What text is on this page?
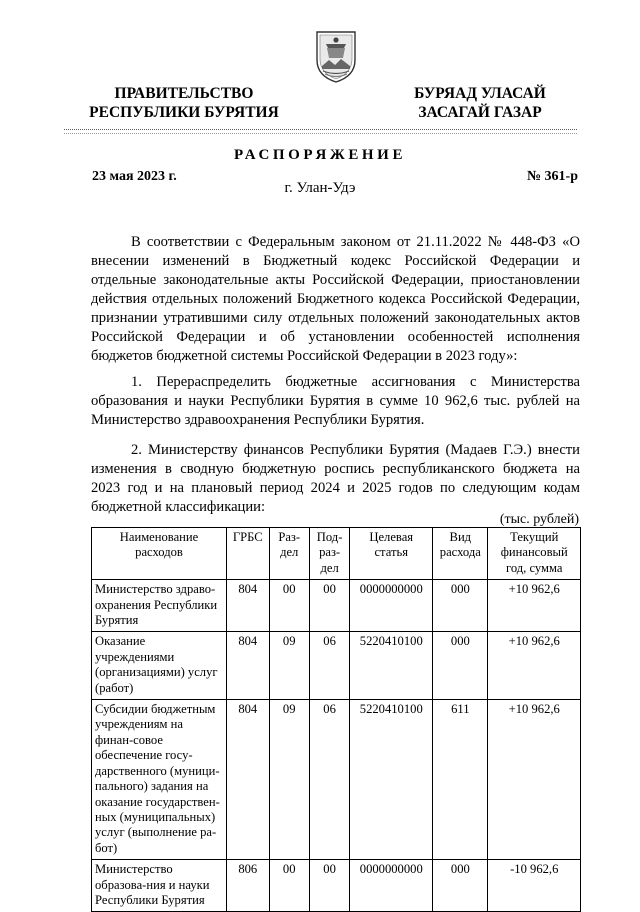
ПРАВИТЕЛЬСТВО
РЕСПУБЛИКИ БУРЯТИЯ
БУРЯАД УЛАСАЙ
ЗАСАГАЙ ГАЗАР
РАСПОРЯЖЕНИЕ
23 мая 2023 г.	№ 361-р
г. Улан-Удэ

В соответствии с Федеральным законом от 21.11.2022 № 448-ФЗ «О внесении изменений в Бюджетный кодекс Российской Федерации и отдельные законодательные акты Российской Федерации, приостановлении действия отдельных положений Бюджетного кодекса Российской Федерации, признании утратившими силу отдельных положений законодательных актов Российской Федерации и об установлении особенностей исполнения бюджетов бюджетной системы Российской Федерации в 2023 году»:

1. Перераспределить бюджетные ассигнования с Министерства образования и науки Республики Бурятия в сумме 10 962,6 тыс. рублей на Министерство здравоохранения Республики Бурятия.

2. Министерству финансов Республики Бурятия (Мадаев Г.Э.) внести изменения в сводную бюджетную роспись республиканского бюджета на 2023 год и на плановый период 2024 и 2025 годов по следующим кодам бюджетной классификации:

(тыс. рублей)
Наименование расходов	ГРБС	Раз-дел	Под-раз-дел	Целевая статья	Вид расхода	Текущий финансовый год, сумма
Министерство здраво-охранения Республики Бурятия	804	00	00	0000000000	000	+10 962,6
Оказание учреждениями (организациями) услуг (работ)	804	09	06	5220410100	000	+10 962,6
Субсидии бюджетным учреждениям на финан-совое обеспечение госу-дарственного (муници-пального) задания на оказание государствен-ных (муниципальных) услуг (выполнение ра-бот)	804	09	06	5220410100	611	+10 962,6
Министерство образова-ния и науки Республики Бурятия	806	00	00	0000000000	000	-10 962,6
